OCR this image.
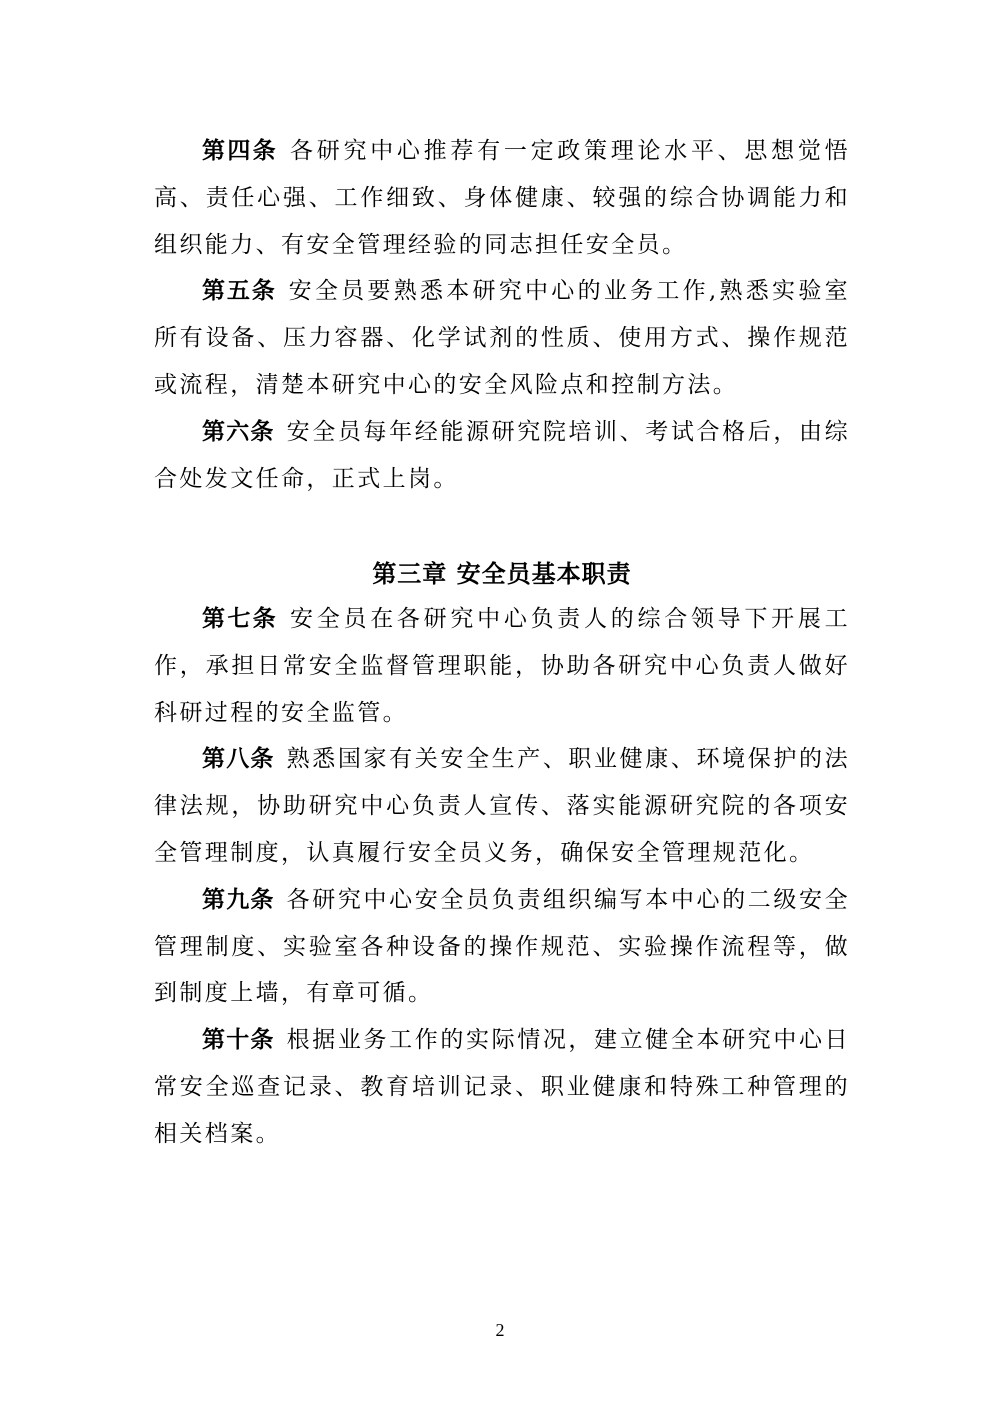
第四条 各研究中心推荐有一定政策理论水平、思想觉悟高、责任心强、工作细致、身体健康、较强的综合协调能力和组织能力、有安全管理经验的同志担任安全员。

第五条 安全员要熟悉本研究中心的业务工作,熟悉实验室所有设备、压力容器、化学试剂的性质、使用方式、操作规范或流程，清楚本研究中心的安全风险点和控制方法。

第六条 安全员每年经能源研究院培训、考试合格后，由综合处发文任命，正式上岗。

第三章 安全员基本职责

第七条 安全员在各研究中心负责人的综合领导下开展工作，承担日常安全监督管理职能，协助各研究中心负责人做好科研过程的安全监管。

第八条 熟悉国家有关安全生产、职业健康、环境保护的法律法规，协助研究中心负责人宣传、落实能源研究院的各项安全管理制度，认真履行安全员义务，确保安全管理规范化。

第九条 各研究中心安全员负责组织编写本中心的二级安全管理制度、实验室各种设备的操作规范、实验操作流程等，做到制度上墙，有章可循。

第十条 根据业务工作的实际情况，建立健全本研究中心日常安全巡查记录、教育培训记录、职业健康和特殊工种管理的相关档案。

2
